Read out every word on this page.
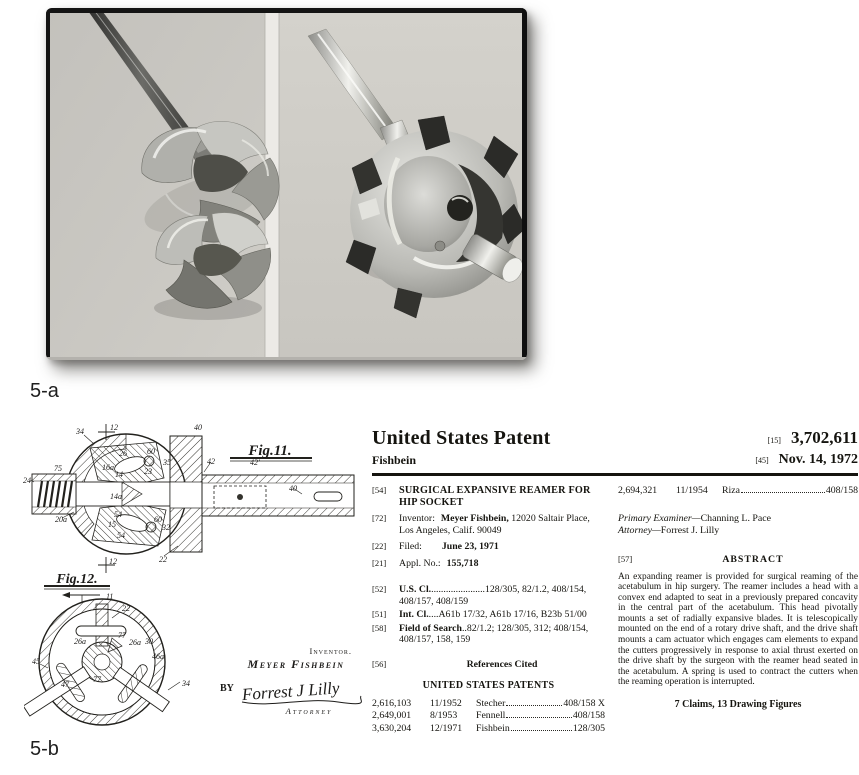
5-a
Fig.11.
34	12	40
26	60
35
16a
14	23
42	42'
75
24
14a
40
20a
54
15
60
32
54
22
12
Fig.12.
11
22
26a
77
26a 30
46a
34
45
47
77
Inventor.
Meyer Fishbein
BY Forrest J Lilly
Attorney
United States Patent
Fishbein
[15] 3,702,611
[45] Nov. 14, 1972
[54]	SURGICAL EXPANSIVE REAMER FOR HIP SOCKET
[72]	Inventor: Meyer Fishbein, 12020 Saltair Place, Los Angeles, Calif. 90049
[22]	Filed: June 23, 1971
[21]	Appl. No.: 155,718
[52]	U.S. Cl.......................128/305, 82/1.2, 408/154, 408/157, 408/159
[51]	Int. Cl.....A61b 17/32, A61b 17/16, B23b 51/00
[58]	Field of Search..82/1.2; 128/305, 312; 408/154, 408/157, 158, 159
[56]	References Cited
UNITED STATES PATENTS
2,616,103	11/1952	Stecher	408/158 X
2,649,001	8/1953	Fennell	408/158
3,630,204	12/1971	Fishbein	128/305
2,694,321	11/1954	Riza	408/158
Primary Examiner—Channing L. Pace
Attorney—Forrest J. Lilly
[57]	ABSTRACT
An expanding reamer is provided for surgical reaming of the acetabulum in hip surgery. The reamer includes a head with a convex end adapted to seat in a previously prepared concavity in the central part of the acetabulum. This head pivotally mounts a set of radially expansive blades. It is telescopically mounted on the end of a rotary drive shaft, and the drive shaft mounts a cam actuator which engages cam elements to expand the cutters progressively in response to axial thrust exerted on the drive shaft by the surgeon with the reamer head seated in the acetabulum. A spring is used to contract the cutters when the reaming operation is interrupted.
7 Claims, 13 Drawing Figures
5-b
